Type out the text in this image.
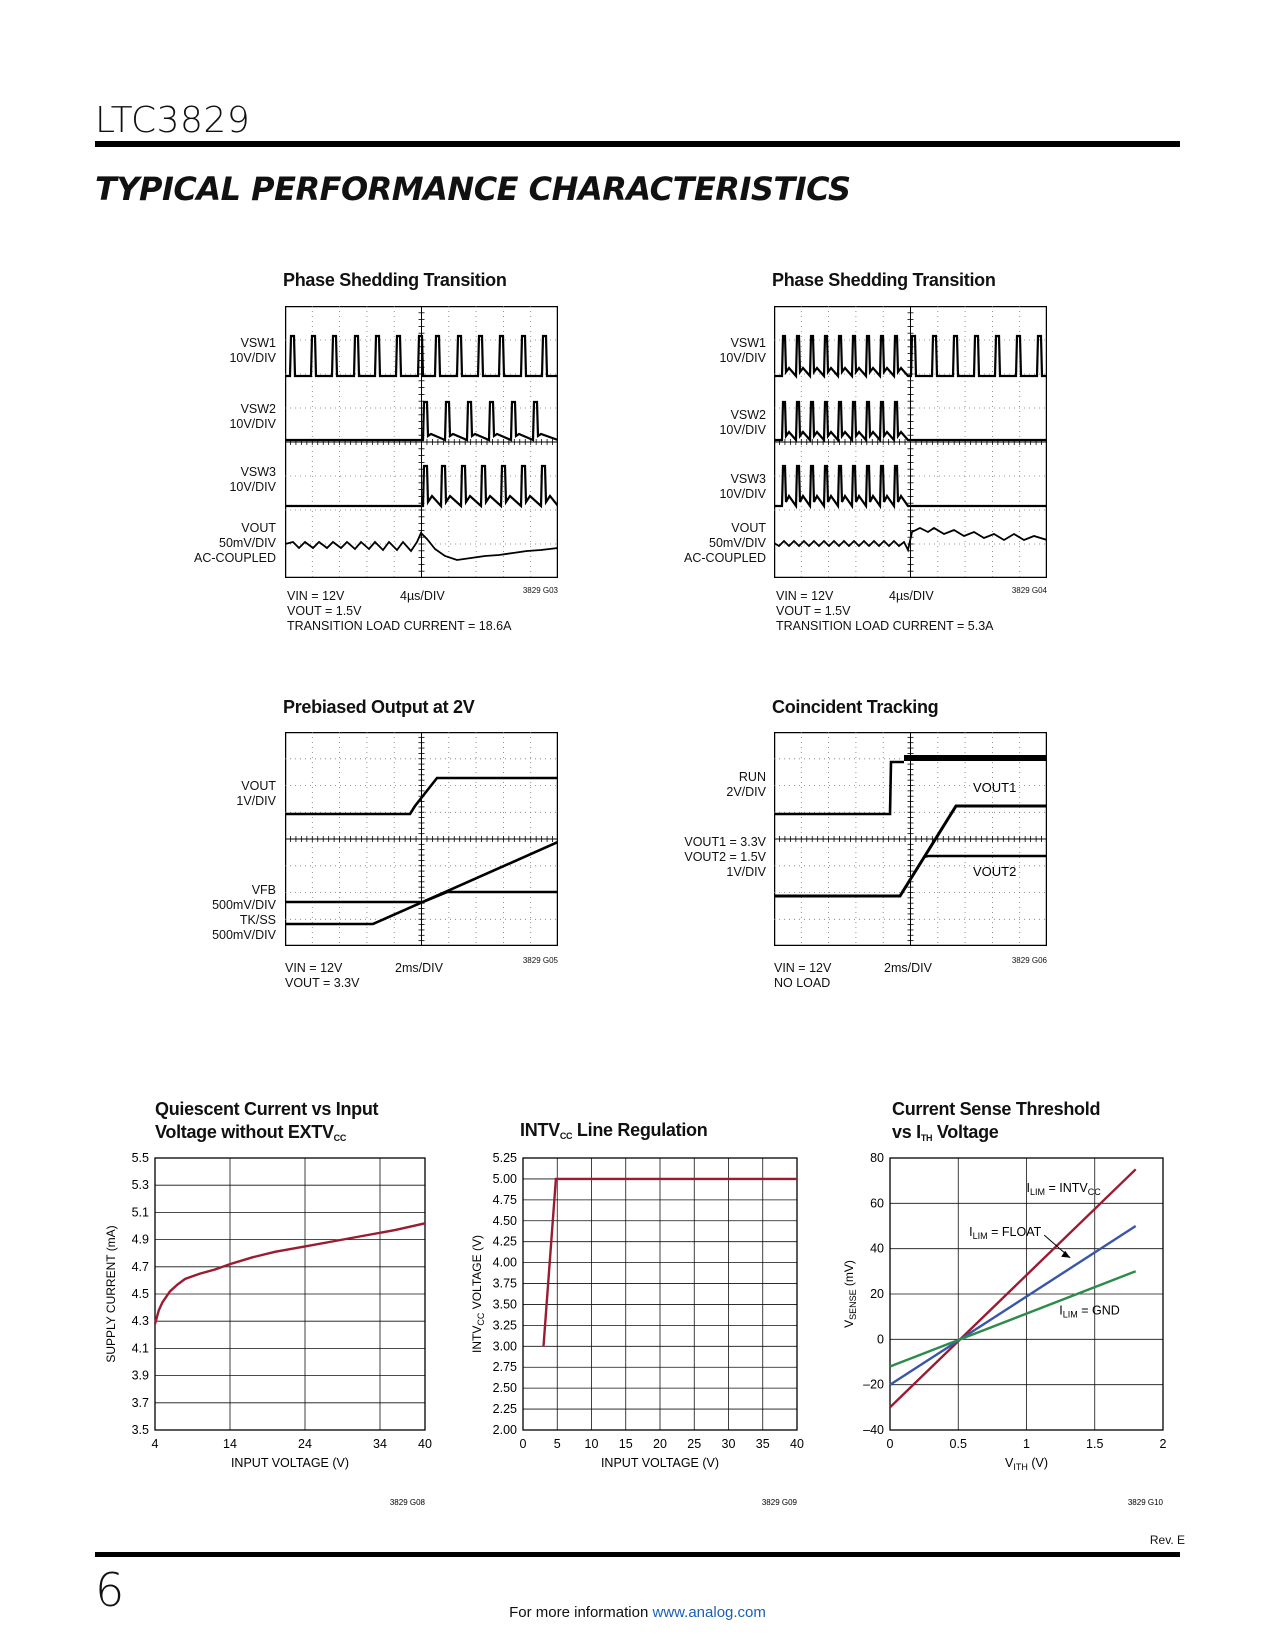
LTC3829
TYPICAL PERFORMANCE CHARACTERISTICS
Phase Shedding Transition
VSW1
10V/DIV
VSW2
10V/DIV
VSW3
10V/DIV
VOUT
50mV/DIV
AC-COUPLED
3829 G03
VIN = 12V
VOUT = 1.5V
TRANSITION LOAD CURRENT = 18.6A
4µs/DIV
Phase Shedding Transition
VSW1
10V/DIV
VSW2
10V/DIV
VSW3
10V/DIV
VOUT
50mV/DIV
AC-COUPLED
3829 G04
VIN = 12V
VOUT = 1.5V
TRANSITION LOAD CURRENT = 5.3A
4µs/DIV
Prebiased Output at 2V
VOUT
1V/DIV
VFB
500mV/DIV
TK/SS
500mV/DIV
3829 G05
VIN = 12V
VOUT = 3.3V
2ms/DIV
Coincident Tracking
RUN
2V/DIV
VOUT1 = 3.3V
VOUT2 = 1.5V
1V/DIV
VOUT1
VOUT2
3829 G06
VIN = 12V
NO LOAD
2ms/DIV
Quiescent Current vs Input
Voltage without $EXTV_{CC}$
4	14	24	34 40
3.5
3.7
3.9
4.1
4.3
4.5
4.7
4.9
5.1
5.3
5.5
INPUT VOLTAGE (V)
SUPPLY CURRENT (mA)
3829 G08
$INTV_{CC}$ Line Regulation
0 5 10 15 20 25 30 35 40
2.00
2.25
2.50
2.75
3.00
3.25
3.50
3.75
4.00
4.25
4.50
4.75
5.00
5.25
INPUT VOLTAGE (V)
INTVCC VOLTAGE (V)
3829 G09
Current Sense Threshold
vs $I_{TH}$ Voltage
0	0.5	1	1.5	2
–40
–20
0
20
40
60
80
VITH (V)
VSENSE (mV)
3829 G10
ILIM = INTVCC
ILIM = FLOAT
ILIM = GND
Rev. E
6	For more information www.analog.com
